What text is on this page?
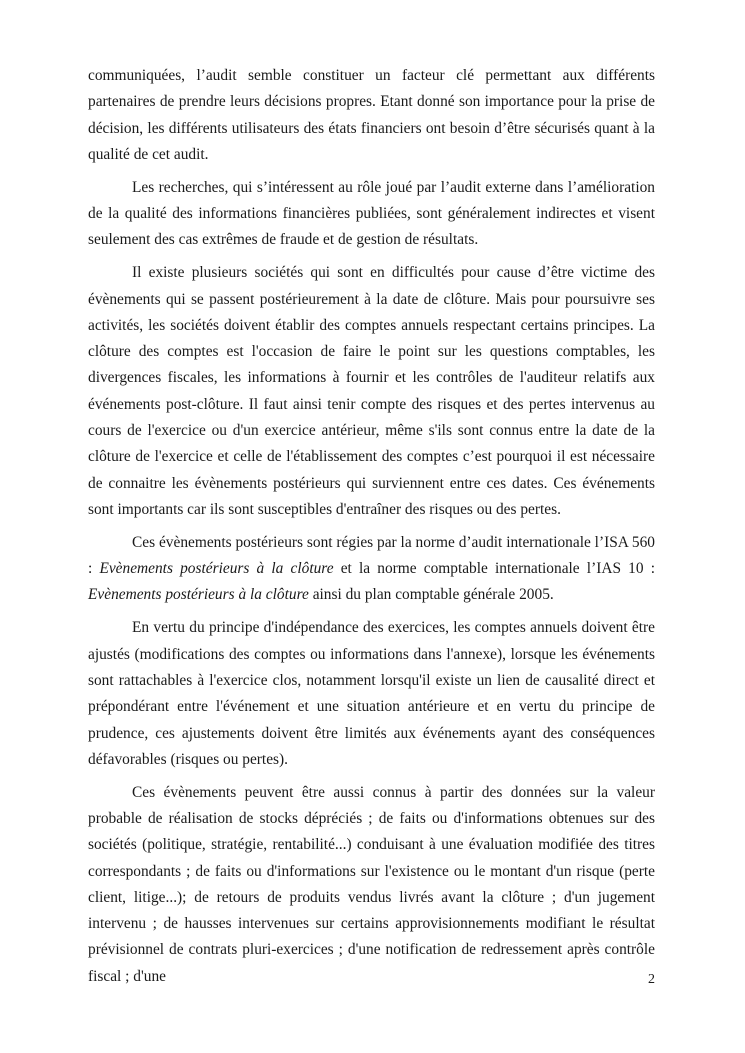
communiquées, l’audit semble constituer un facteur clé permettant aux différents partenaires de prendre leurs décisions propres. Etant donné son importance pour la prise de décision, les différents utilisateurs des états financiers ont besoin d’être sécurisés quant à la qualité de cet audit.

Les recherches, qui s’intéressent au rôle joué par l’audit externe dans l’amélioration de la qualité des informations financières publiées, sont généralement indirectes et visent seulement des cas extrêmes de fraude et de gestion de résultats.

Il existe plusieurs sociétés qui sont en difficultés pour cause d’être victime des évènements qui se passent postérieurement à la date de clôture. Mais pour poursuivre ses activités, les sociétés doivent établir des comptes annuels respectant certains principes. La clôture des comptes est l'occasion de faire le point sur les questions comptables, les divergences fiscales, les informations à fournir et les contrôles de l'auditeur relatifs aux événements post-clôture. Il faut ainsi tenir compte des risques et des pertes intervenus au cours de l'exercice ou d'un exercice antérieur, même s'ils sont connus entre la date de la clôture de l'exercice et celle de l'établissement des comptes c’est pourquoi il est nécessaire de connaitre les évènements postérieurs qui surviennent entre ces dates. Ces événements sont importants car ils sont susceptibles d'entraîner des risques ou des pertes.

Ces évènements postérieurs sont régies par la norme d’audit internationale l’ISA 560 : Evènements postérieurs à la clôture et la norme comptable internationale l’IAS 10 : Evènements postérieurs à la clôture ainsi du plan comptable générale 2005.

En vertu du principe d'indépendance des exercices, les comptes annuels doivent être ajustés (modifications des comptes ou informations dans l'annexe), lorsque les événements sont rattachables à l'exercice clos, notamment lorsqu'il existe un lien de causalité direct et prépondérant entre l'événement et une situation antérieure et en vertu du principe de prudence, ces ajustements doivent être limités aux événements ayant des conséquences défavorables (risques ou pertes).

Ces évènements peuvent être aussi connus à partir des données sur la valeur probable de réalisation de stocks dépréciés ; de faits ou d'informations obtenues sur des sociétés (politique, stratégie, rentabilité...) conduisant à une évaluation modifiée des titres correspondants ; de faits ou d'informations sur l'existence ou le montant d'un risque (perte client, litige...); de retours de produits vendus livrés avant la clôture ; d'un jugement intervenu ; de hausses intervenues sur certains approvisionnements modifiant le résultat prévisionnel de contrats pluri-exercices ; d'une notification de redressement après contrôle fiscal ; d'une	2
